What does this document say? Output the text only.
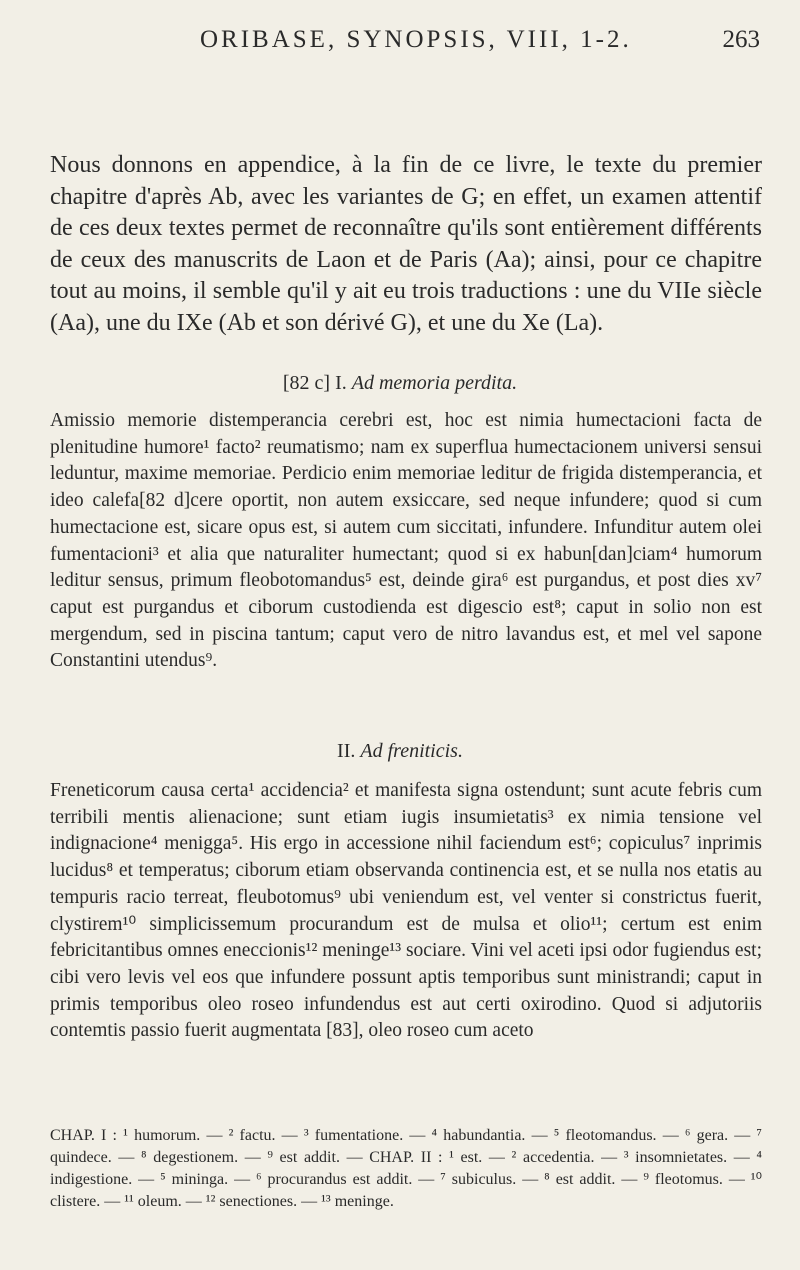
ORIBASE, SYNOPSIS, VIII, 1-2.	263

Nous donnons en appendice, à la fin de ce livre, le texte du premier chapitre d'après Ab, avec les variantes de G; en effet, un examen attentif de ces deux textes permet de reconnaître qu'ils sont entièrement différents de ceux des manuscrits de Laon et de Paris (Aa); ainsi, pour ce chapitre tout au moins, il semble qu'il y ait eu trois traductions : une du VIIe siècle (Aa), une du IXe (Ab et son dérivé G), et une du Xe (La).

[82 c] I. Ad memoria perdita.

Amissio memorie distemperancia cerebri est, hoc est nimia humectacioni facta de plenitudine humore¹ facto² reumatismo; nam ex superflua humectacionem universi sensui leduntur, maxime memoriae. Perdicio enim memoriae leditur de frigida distemperancia, et ideo calefa[82 d]cere oportit, non autem exsiccare, sed neque infundere; quod si cum humectacione est, sicare opus est, si autem cum siccitati, infundere. Infunditur autem olei fumentacioni³ et alia que naturaliter humectant; quod si ex habun[dan]ciam⁴ humorum leditur sensus, primum fleobotomandus⁵ est, deinde gira⁶ est purgandus, et post dies xv⁷ caput est purgandus et ciborum custodienda est digescio est⁸; caput in solio non est mergendum, sed in piscina tantum; caput vero de nitro lavandus est, et mel vel sapone Constantini utendus⁹.

II. Ad freniticis.

Freneticorum causa certa¹ accidencia² et manifesta signa ostendunt; sunt acute febris cum terribili mentis alienacione; sunt etiam iugis insumietatis³ ex nimia tensione vel indignacione⁴ menigga⁵. His ergo in accessione nihil faciendum est⁶; copiculus⁷ inprimis lucidus⁸ et temperatus; ciborum etiam observanda continencia est, et se nulla nos etatis au tempuris racio terreat, fleubotomus⁹ ubi veniendum est, vel venter si constrictus fuerit, clystirem¹⁰ simplicissemum procurandum est de mulsa et olio¹¹; certum est enim febricitantibus omnes eneccionis¹² meninge¹³ sociare. Vini vel aceti ipsi odor fugiendus est; cibi vero levis vel eos que infundere possunt aptis temporibus sunt ministrandi; caput in primis temporibus oleo roseo infundendus est aut certi oxirodino. Quod si adjutoriis contemtis passio fuerit augmentata [83], oleo roseo cum aceto

CHAP. I : ¹ humorum. — ² factu. — ³ fumentatione. — ⁴ habundantia. — ⁵ fleotomandus. — ⁶ gera. — ⁷ quindece. — ⁸ degestionem. — ⁹ est addit. — CHAP. II : ¹ est. — ² accedentia. — ³ insomnietates. — ⁴ indigestione. — ⁵ mininga. — ⁶ procurandus est addit. — ⁷ subiculus. — ⁸ est addit. — ⁹ fleotomus. — ¹⁰ clistere. — ¹¹ oleum. — ¹² senectiones. — ¹³ meninge.
